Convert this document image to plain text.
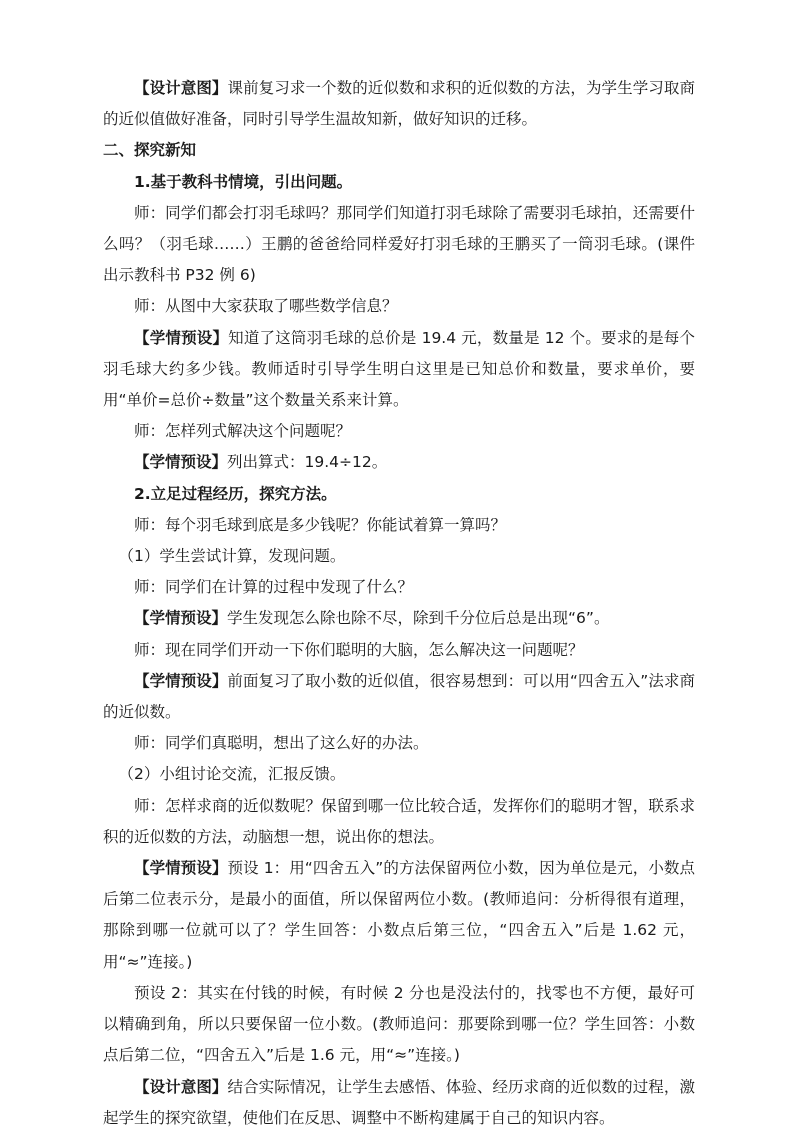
【设计意图】课前复习求一个数的近似数和求积的近似数的方法，为学生学习取商的近似值做好准备，同时引导学生温故知新，做好知识的迁移。

二、探究新知

1.基于教科书情境，引出问题。

师：同学们都会打羽毛球吗？那同学们知道打羽毛球除了需要羽毛球拍，还需要什么吗？（羽毛球……）王鹏的爸爸给同样爱好打羽毛球的王鹏买了一筒羽毛球。(课件出示教科书 P32 例 6)

师：从图中大家获取了哪些数学信息？

【学情预设】知道了这筒羽毛球的总价是 19.4 元，数量是 12 个。要求的是每个羽毛球大约多少钱。教师适时引导学生明白这里是已知总价和数量，要求单价，要用“单价=总价÷数量”这个数量关系来计算。

师：怎样列式解决这个问题呢？

【学情预设】列出算式：19.4÷12。

2.立足过程经历，探究方法。

师：每个羽毛球到底是多少钱呢？你能试着算一算吗？

（1）学生尝试计算，发现问题。

师：同学们在计算的过程中发现了什么？

【学情预设】学生发现怎么除也除不尽，除到千分位后总是出现“6”。

师：现在同学们开动一下你们聪明的大脑，怎么解决这一问题呢？

【学情预设】前面复习了取小数的近似值，很容易想到：可以用“四舍五入”法求商的近似数。

师：同学们真聪明，想出了这么好的办法。

（2）小组讨论交流，汇报反馈。

师：怎样求商的近似数呢？保留到哪一位比较合适，发挥你们的聪明才智，联系求积的近似数的方法，动脑想一想，说出你的想法。

【学情预设】预设 1：用“四舍五入”的方法保留两位小数，因为单位是元，小数点后第二位表示分，是最小的面值，所以保留两位小数。(教师追问：分析得很有道理，那除到哪一位就可以了？学生回答：小数点后第三位，“四舍五入”后是 1.62 元，用“≈”连接。)

预设 2：其实在付钱的时候，有时候 2 分也是没法付的，找零也不方便，最好可以精确到角，所以只要保留一位小数。(教师追问：那要除到哪一位？学生回答：小数点后第二位，“四舍五入”后是 1.6 元，用“≈”连接。)

【设计意图】结合实际情况，让学生去感悟、体验、经历求商的近似数的过程，激起学生的探究欲望，使他们在反思、调整中不断构建属于自己的知识内容。
